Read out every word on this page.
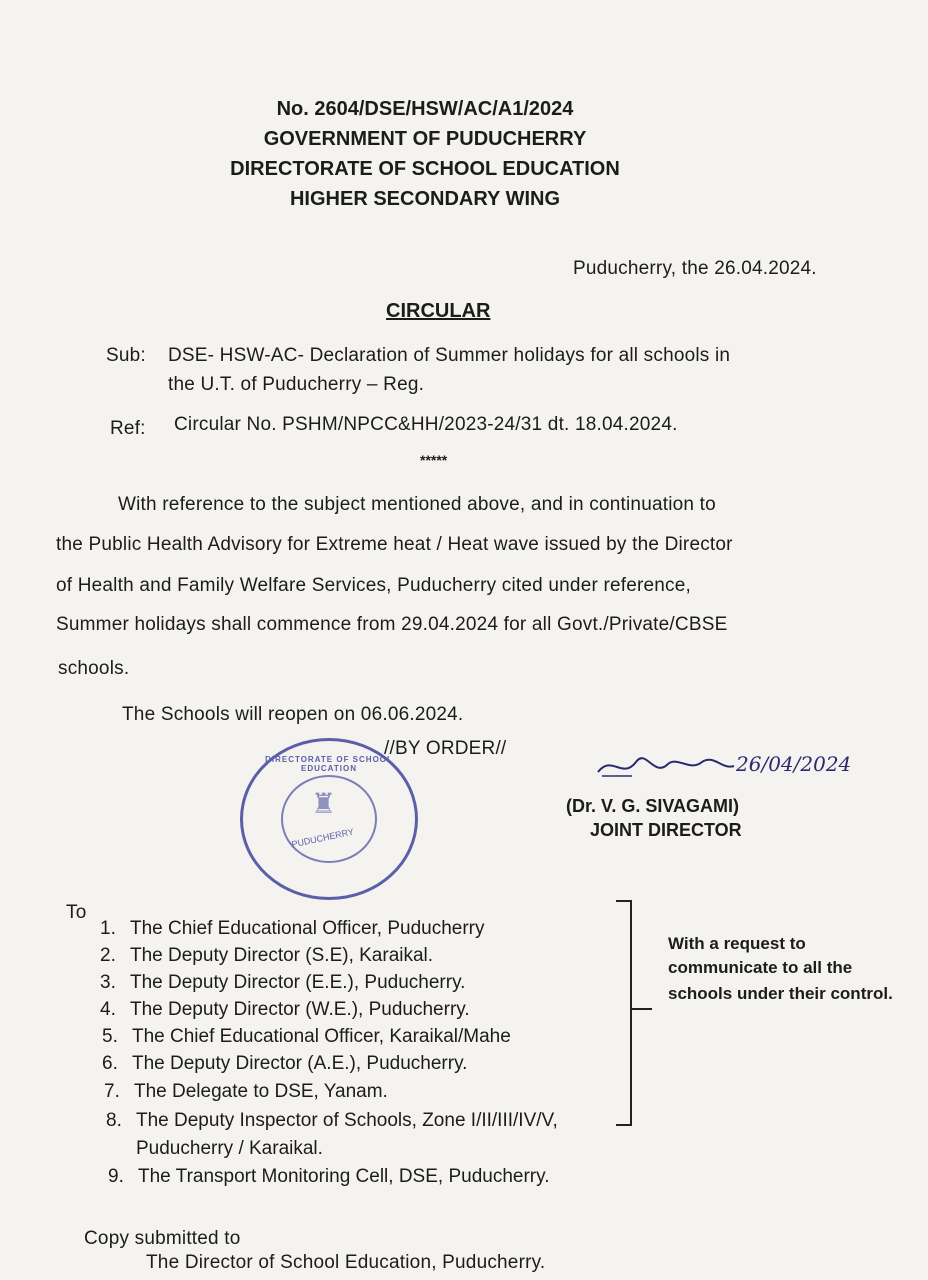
No. 2604/DSE/HSW/AC/A1/2024
GOVERNMENT OF PUDUCHERRY
DIRECTORATE OF SCHOOL EDUCATION
HIGHER SECONDARY WING
Puducherry, the 26.04.2024.
CIRCULAR
Sub: DSE- HSW-AC- Declaration of Summer holidays for all schools in
the U.T. of Puducherry – Reg.
Ref: Circular No. PSHM/NPCC&HH/2023-24/31 dt. 18.04.2024.
*****
With reference to the subject mentioned above, and in continuation to
the Public Health Advisory for Extreme heat / Heat wave issued by the Director
of Health and Family Welfare Services, Puducherry cited under reference,
Summer holidays shall commence from 29.04.2024 for all Govt./Private/CBSE
schools.
The Schools will reopen on 06.06.2024.
//BY ORDER//
DIRECTORATE OF SCHOOL EDUCATION
PUDUCHERRY
♜
26/04/2024
(Dr. V. G. SIVAGAMI)
JOINT DIRECTOR
To
1. The Chief Educational Officer, Puducherry
2. The Deputy Director (S.E), Karaikal.
3. The Deputy Director (E.E.), Puducherry.
4. The Deputy Director (W.E.), Puducherry.
5. The Chief Educational Officer, Karaikal/Mahe
6. The Deputy Director (A.E.), Puducherry.
7. The Delegate to DSE, Yanam.
8. The Deputy Inspector of Schools, Zone I/II/III/IV/V,
Puducherry / Karaikal.
9. The Transport Monitoring Cell, DSE, Puducherry.
With a request to
communicate to all the
schools under their control.
Copy submitted to
The Director of School Education, Puducherry.
